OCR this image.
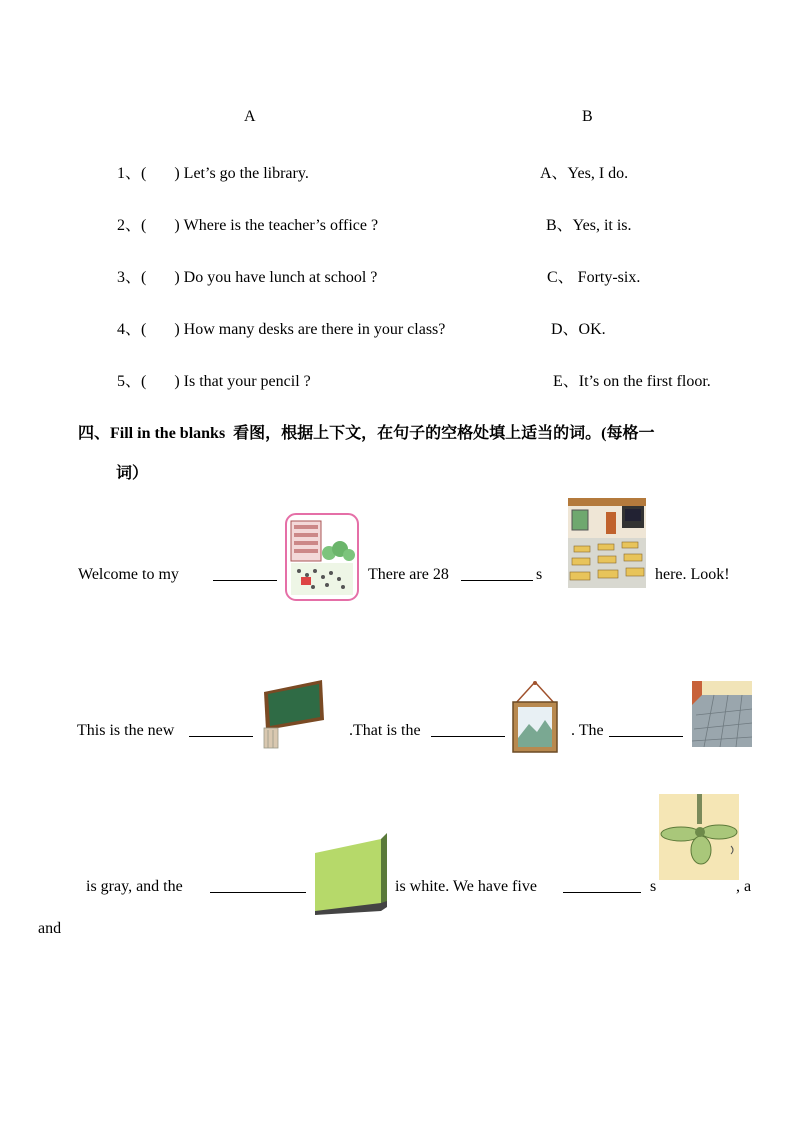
A	B
1、( ) Let’s go the library.	A、Yes, I do.
2、( ) Where is the teacher’s office ?	B、Yes, it is.
3、( ) Do you have lunch at school ?	C、 Forty-six.
4、( ) How many desks are there in your class?	D、OK.
5、( ) Is that your pencil ?	E、It’s on the first floor.
四、Fill in the blanks 看图，根据上下文，在句子的空格处填上适当的词。(每格一
词）
Welcome to my	There are 28	s	here. Look!
This is the new	.That is the	. The
is gray, and the	is white. We have five	s	, a
and
